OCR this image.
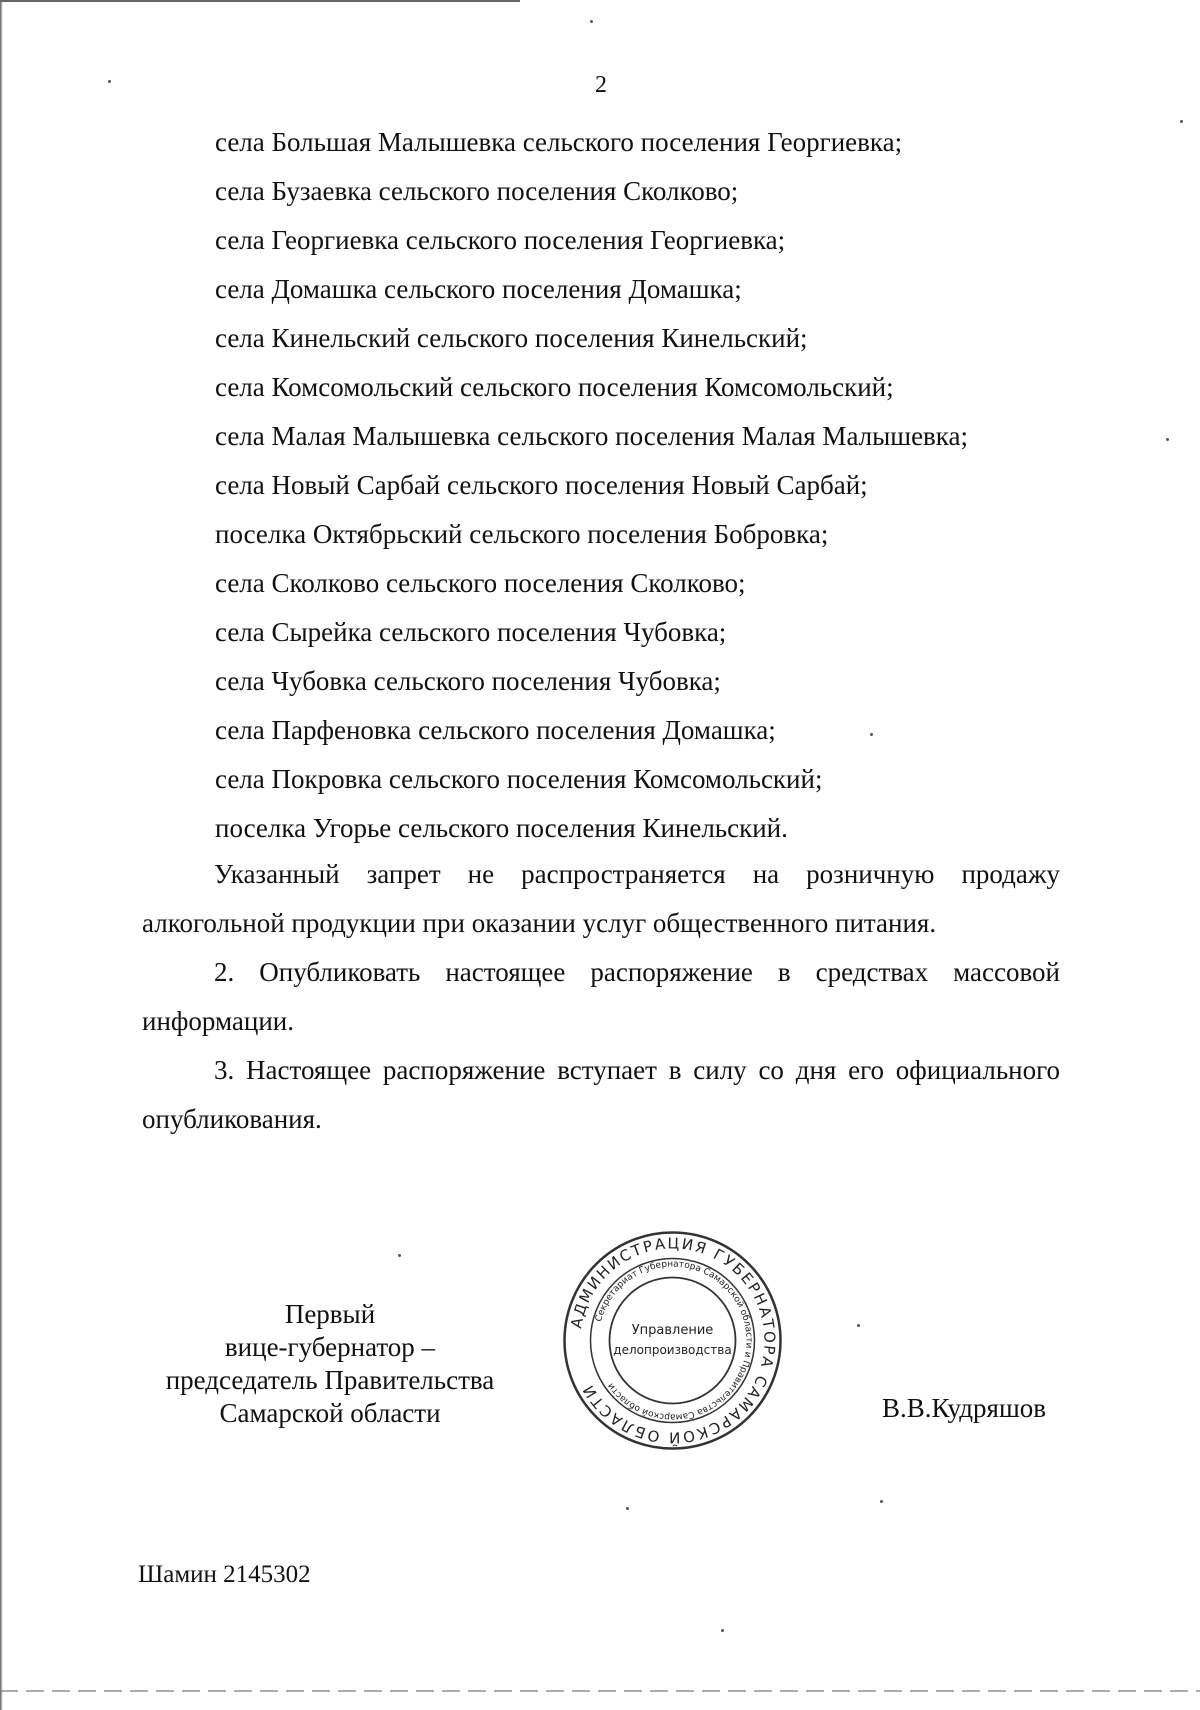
2
села Большая Малышевка сельского поселения Георгиевка;
села Бузаевка сельского поселения Сколково;
села Георгиевка сельского поселения Георгиевка;
села Домашка сельского поселения Домашка;
села Кинельский сельского поселения Кинельский;
села Комсомольский сельского поселения Комсомольский;
села Малая Малышевка сельского поселения Малая Малышевка;
села Новый Сарбай сельского поселения Новый Сарбай;
поселка Октябрьский сельского поселения Бобровка;
села Сколково сельского поселения Сколково;
села Сырейка сельского поселения Чубовка;
села Чубовка сельского поселения Чубовка;
села Парфеновка сельского поселения Домашка;
села Покровка сельского поселения Комсомольский;
поселка Угорье сельского поселения Кинельский.

Указанный запрет не распространяется на розничную продажу алкогольной продукции при оказании услуг общественного питания.

2. Опубликовать настоящее распоряжение в средствах массовой информации.

3. Настоящее распоряжение вступает в силу со дня его официального опубликования.

Первый
вице-губернатор –
председатель Правительства
Самарской области
АДМИНИСТРАЦИЯ ГУБЕРНАТОРА САМАРСКОЙ ОБЛАСТИ
Секретариат Губернатора Самарской области и Правительства Самарской области
Управление
делопроизводства
В.В.Кудряшов
Шамин 2145302
